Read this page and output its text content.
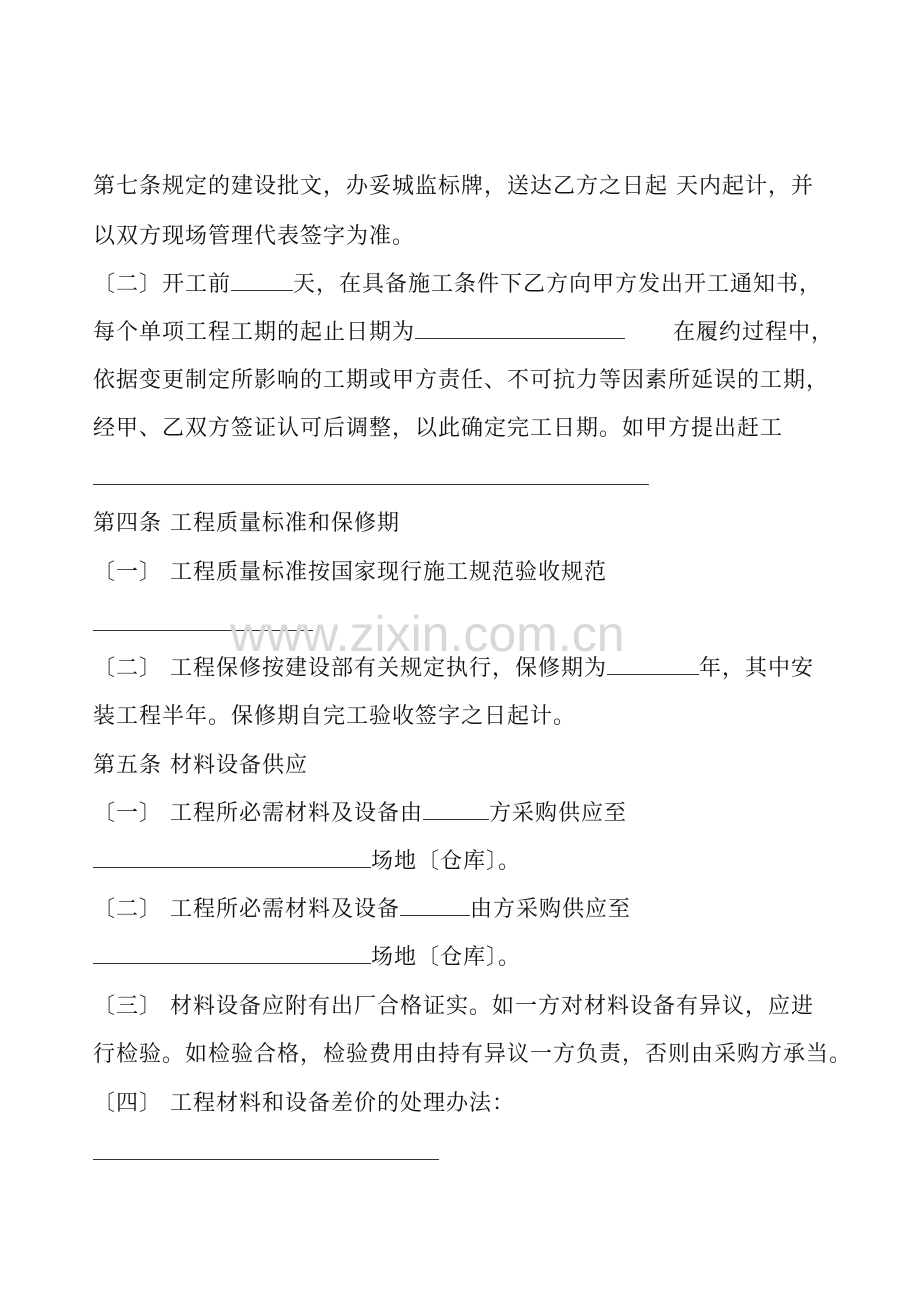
第七条规定的建设批文，办妥城监标牌，送达乙方之日起 天内起计，并
以双方现场管理代表签字为准。
〔二〕开工前	天，在具备施工条件下乙方向甲方发出开工通知书，
每个单项工程工期的起止日期为	在履约过程中，
依据变更制定所影响的工期或甲方责任、不可抗力等因素所延误的工期，
经甲、乙双方签证认可后调整，以此确定完工日期。如甲方提出赶工
第四条 工程质量标准和保修期
〔一〕 工程质量标准按国家现行施工规范验收规范
〔二〕 工程保修按建设部有关规定执行，保修期为	年，其中安
装工程半年。保修期自完工验收签字之日起计。
第五条 材料设备供应
〔一〕 工程所必需材料及设备由	方采购供应至
场地〔仓库〕。
〔二〕 工程所必需材料及设备	由方采购供应至
场地〔仓库〕。
〔三〕 材料设备应附有出厂合格证实。如一方对材料设备有异议，应进
行检验。如检验合格，检验费用由持有异议一方负责，否则由采购方承当。
〔四〕 工程材料和设备差价的处理办法：
www.zixin.com.cn
